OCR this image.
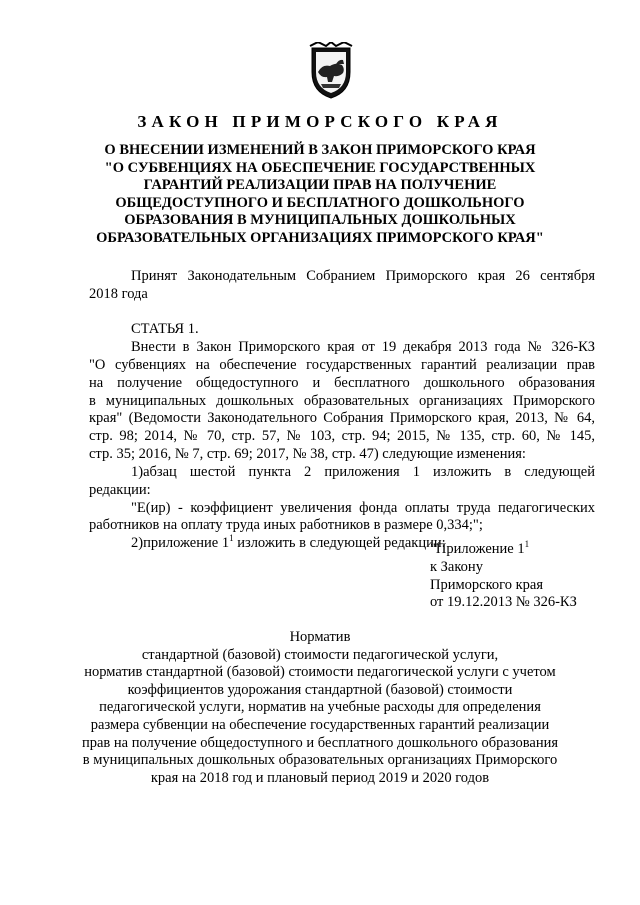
ЗАКОН ПРИМОРСКОГО КРАЯ
О ВНЕСЕНИИ ИЗМЕНЕНИЙ В ЗАКОН ПРИМОРСКОГО КРАЯ
"О СУБВЕНЦИЯХ НА ОБЕСПЕЧЕНИЕ ГОСУДАРСТВЕННЫХ
ГАРАНТИЙ РЕАЛИЗАЦИИ ПРАВ НА ПОЛУЧЕНИЕ
ОБЩЕДОСТУПНОГО И БЕСПЛАТНОГО ДОШКОЛЬНОГО
ОБРАЗОВАНИЯ В МУНИЦИПАЛЬНЫХ ДОШКОЛЬНЫХ
ОБРАЗОВАТЕЛЬНЫХ ОРГАНИЗАЦИЯХ ПРИМОРСКОГО КРАЯ"
Принят Законодательным Собранием Приморского края 26 сентября
2018 года
СТАТЬЯ 1.
Внести в Закон Приморского края от 19 декабря 2013 года № 326-КЗ
"О субвенциях на обеспечение государственных гарантий реализации прав
на получение общедоступного и бесплатного дошкольного образования
в муниципальных дошкольных образовательных организациях Приморского
края" (Ведомости Законодательного Собрания Приморского края, 2013, № 64,
стр. 98; 2014, № 70, стр. 57, № 103, стр. 94; 2015, № 135, стр. 60, № 145,
стр. 35; 2016, № 7, стр. 69; 2017, № 38, стр. 47) следующие изменения:
1)абзац шестой пункта 2 приложения 1 изложить в следующей
редакции:
"Е(ир) - коэффициент увеличения фонда оплаты труда педагогических
работников на оплату труда иных работников в размере 0,334;";
2)приложение $1^1$ изложить в следующей редакции:
"Приложение $1^1$
к Закону
Приморского края
от 19.12.2013 № 326-КЗ
Норматив
стандартной (базовой) стоимости педагогической услуги,
норматив стандартной (базовой) стоимости педагогической услуги с учетом
коэффициентов удорожания стандартной (базовой) стоимости
педагогической услуги, норматив на учебные расходы для определения
размера субвенции на обеспечение государственных гарантий реализации
прав на получение общедоступного и бесплатного дошкольного образования
в муниципальных дошкольных образовательных организациях Приморского
края на 2018 год и плановый период 2019 и 2020 годов
